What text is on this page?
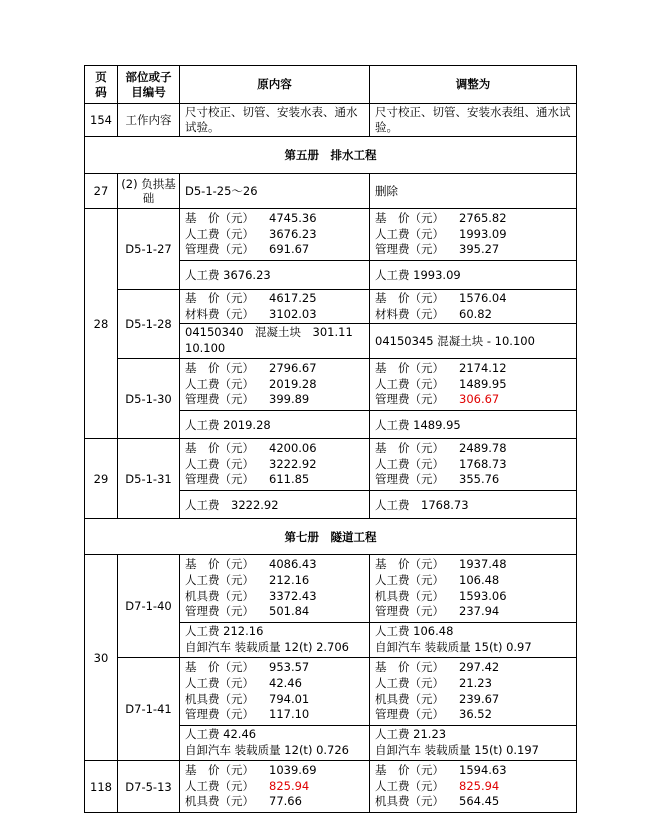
页码	部位或子目编号	原内容	调整为
154	工作内容	尺寸校正、切管、安装水表、通水试验。	尺寸校正、切管、安装水表组、通水试验。
第五册　排水工程			
27	(2) 负拱基础	D5-1-25～26	删除
28	D5-1-27	基　价（元） 4745.36
人工费（元） 3676.23
管理费（元） 691.67	基　价（元） 2765.82
人工费（元） 1993.09
管理费（元） 395.27

		人工费 3676.23	人工费 1993.09
	D5-1-28	基　价（元） 4617.25
材料费（元） 3102.03	基　价（元） 1576.04
材料费（元） 60.82

		04150340　混凝土块　301.11
10.100	04150345 混凝土块 - 10.100
	D5-1-30	基　价（元） 2796.67
人工费（元） 2019.28
管理费（元） 399.89	基　价（元） 2174.12
人工费（元） 1489.95
管理费（元） 306.67

		人工费 2019.28	人工费 1489.95
29	D5-1-31	基　价（元） 4200.06
人工费（元） 3222.92
管理费（元） 611.85	基　价（元） 2489.78
人工费（元） 1768.73
管理费（元） 355.76

		人工费　3222.92	人工费　1768.73
第七册　隧道工程			
30	D7-1-40	基　价（元） 4086.43
人工费（元） 212.16
机具费（元） 3372.43
管理费（元） 501.84	基　价（元） 1937.48
人工费（元） 106.48
机具费（元） 1593.06
管理费（元） 237.94

		人工费 212.16
自卸汽车 装载质量 12(t) 2.706	人工费 106.48
自卸汽车 装载质量 15(t) 0.97

	D7-1-41	基　价（元） 953.57
人工费（元） 42.46
机具费（元） 794.01
管理费（元） 117.10	基　价（元） 297.42
人工费（元） 21.23
机具费（元） 239.67
管理费（元） 36.52

		人工费 42.46
自卸汽车 装载质量 12(t) 0.726	人工费 21.23
自卸汽车 装载质量 15(t) 0.197

118	D7-5-13	基　价（元） 1039.69
人工费（元） 825.94
机具费（元） 77.66	基　价（元） 1594.63
人工费（元） 825.94
机具费（元） 564.45
